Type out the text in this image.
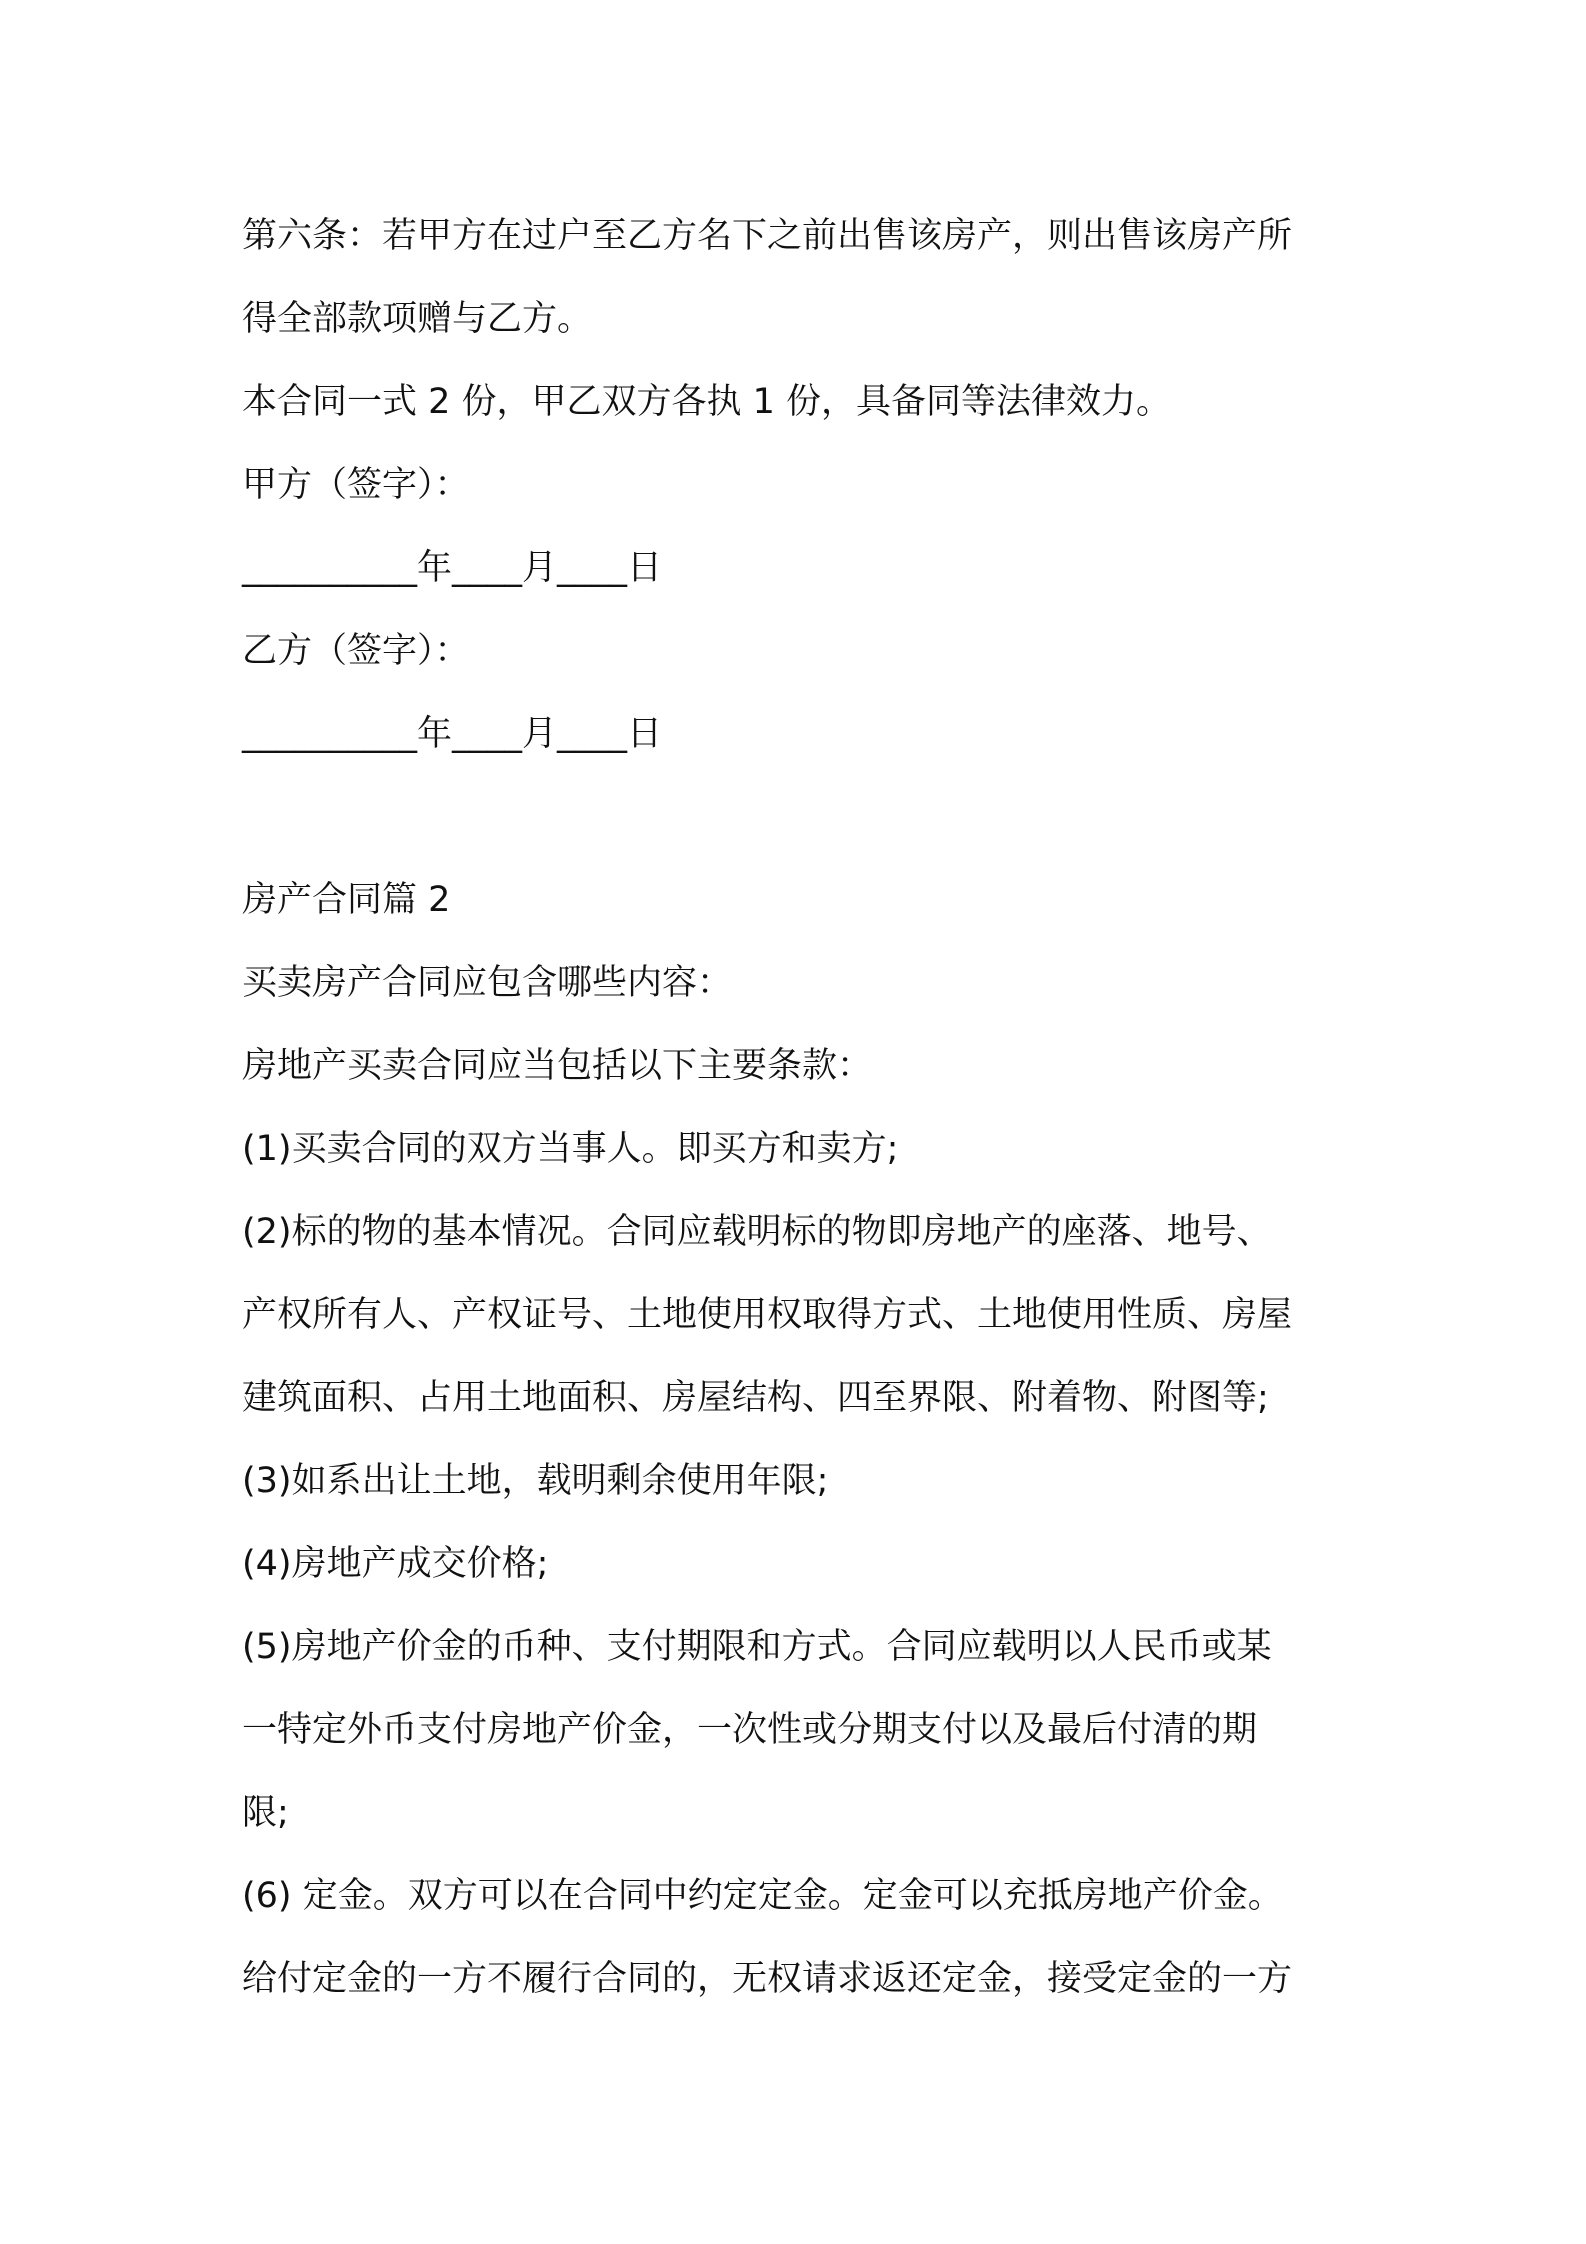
第六条：若甲方在过户至乙方名下之前出售该房产，则出售该房产所

得全部款项赠与乙方。

本合同一式 2 份，甲乙双方各执 1 份，具备同等法律效力。

甲方（签字）：

__________年____月____日

乙方（签字）：

__________年____月____日

房产合同篇 2

买卖房产合同应包含哪些内容：

房地产买卖合同应当包括以下主要条款：

(1)买卖合同的双方当事人。即买方和卖方;

(2)标的物的基本情况。合同应载明标的物即房地产的座落、地号、

产权所有人、产权证号、土地使用权取得方式、土地使用性质、房屋

建筑面积、占用土地面积、房屋结构、四至界限、附着物、附图等;

(3)如系出让土地，载明剩余使用年限;

(4)房地产成交价格;

(5)房地产价金的币种、支付期限和方式。合同应载明以人民币或某

一特定外币支付房地产价金，一次性或分期支付以及最后付清的期

限;

(6) 定金。双方可以在合同中约定定金。定金可以充抵房地产价金。

给付定金的一方不履行合同的，无权请求返还定金，接受定金的一方
